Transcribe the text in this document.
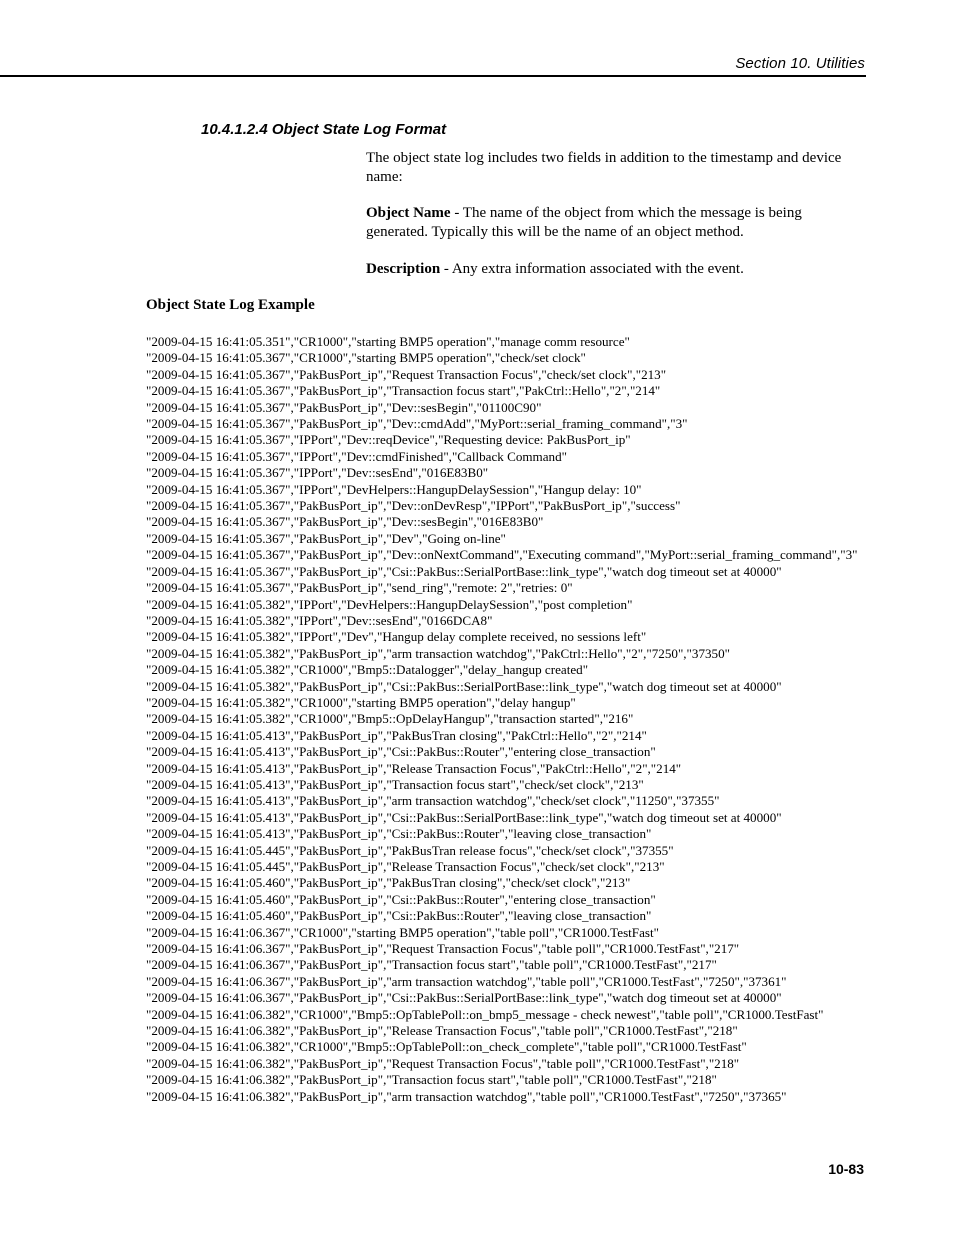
Section 10. Utilities
10.4.1.2.4 Object State Log Format

The object state log includes two fields in addition to the timestamp and device name:

Object Name - The name of the object from which the message is being generated. Typically this will be the name of an object method.

Description - Any extra information associated with the event.

Object State Log Example
"2009-04-15 16:41:05.351","CR1000","starting BMP5 operation","manage comm resource"
"2009-04-15 16:41:05.367","CR1000","starting BMP5 operation","check/set clock"
"2009-04-15 16:41:05.367","PakBusPort_ip","Request Transaction Focus","check/set clock","213"
"2009-04-15 16:41:05.367","PakBusPort_ip","Transaction focus start","PakCtrl::Hello","2","214"
"2009-04-15 16:41:05.367","PakBusPort_ip","Dev::sesBegin","01100C90"
"2009-04-15 16:41:05.367","PakBusPort_ip","Dev::cmdAdd","MyPort::serial_framing_command","3"
"2009-04-15 16:41:05.367","IPPort","Dev::reqDevice","Requesting device: PakBusPort_ip"
"2009-04-15 16:41:05.367","IPPort","Dev::cmdFinished","Callback Command"
"2009-04-15 16:41:05.367","IPPort","Dev::sesEnd","016E83B0"
"2009-04-15 16:41:05.367","IPPort","DevHelpers::HangupDelaySession","Hangup delay: 10"
"2009-04-15 16:41:05.367","PakBusPort_ip","Dev::onDevResp","IPPort","PakBusPort_ip","success"
"2009-04-15 16:41:05.367","PakBusPort_ip","Dev::sesBegin","016E83B0"
"2009-04-15 16:41:05.367","PakBusPort_ip","Dev","Going on-line"
"2009-04-15 16:41:05.367","PakBusPort_ip","Dev::onNextCommand","Executing command","MyPort::serial_framing_command","3"
"2009-04-15 16:41:05.367","PakBusPort_ip","Csi::PakBus::SerialPortBase::link_type","watch dog timeout set at 40000"
"2009-04-15 16:41:05.367","PakBusPort_ip","send_ring","remote: 2","retries: 0"
"2009-04-15 16:41:05.382","IPPort","DevHelpers::HangupDelaySession","post completion"
"2009-04-15 16:41:05.382","IPPort","Dev::sesEnd","0166DCA8"
"2009-04-15 16:41:05.382","IPPort","Dev","Hangup delay complete received, no sessions left"
"2009-04-15 16:41:05.382","PakBusPort_ip","arm transaction watchdog","PakCtrl::Hello","2","7250","37350"
"2009-04-15 16:41:05.382","CR1000","Bmp5::Datalogger","delay_hangup created"
"2009-04-15 16:41:05.382","PakBusPort_ip","Csi::PakBus::SerialPortBase::link_type","watch dog timeout set at 40000"
"2009-04-15 16:41:05.382","CR1000","starting BMP5 operation","delay hangup"
"2009-04-15 16:41:05.382","CR1000","Bmp5::OpDelayHangup","transaction started","216"
"2009-04-15 16:41:05.413","PakBusPort_ip","PakBusTran closing","PakCtrl::Hello","2","214"
"2009-04-15 16:41:05.413","PakBusPort_ip","Csi::PakBus::Router","entering close_transaction"
"2009-04-15 16:41:05.413","PakBusPort_ip","Release Transaction Focus","PakCtrl::Hello","2","214"
"2009-04-15 16:41:05.413","PakBusPort_ip","Transaction focus start","check/set clock","213"
"2009-04-15 16:41:05.413","PakBusPort_ip","arm transaction watchdog","check/set clock","11250","37355"
"2009-04-15 16:41:05.413","PakBusPort_ip","Csi::PakBus::SerialPortBase::link_type","watch dog timeout set at 40000"
"2009-04-15 16:41:05.413","PakBusPort_ip","Csi::PakBus::Router","leaving close_transaction"
"2009-04-15 16:41:05.445","PakBusPort_ip","PakBusTran release focus","check/set clock","37355"
"2009-04-15 16:41:05.445","PakBusPort_ip","Release Transaction Focus","check/set clock","213"
"2009-04-15 16:41:05.460","PakBusPort_ip","PakBusTran closing","check/set clock","213"
"2009-04-15 16:41:05.460","PakBusPort_ip","Csi::PakBus::Router","entering close_transaction"
"2009-04-15 16:41:05.460","PakBusPort_ip","Csi::PakBus::Router","leaving close_transaction"
"2009-04-15 16:41:06.367","CR1000","starting BMP5 operation","table poll","CR1000.TestFast"
"2009-04-15 16:41:06.367","PakBusPort_ip","Request Transaction Focus","table poll","CR1000.TestFast","217"
"2009-04-15 16:41:06.367","PakBusPort_ip","Transaction focus start","table poll","CR1000.TestFast","217"
"2009-04-15 16:41:06.367","PakBusPort_ip","arm transaction watchdog","table poll","CR1000.TestFast","7250","37361"
"2009-04-15 16:41:06.367","PakBusPort_ip","Csi::PakBus::SerialPortBase::link_type","watch dog timeout set at 40000"
"2009-04-15 16:41:06.382","CR1000","Bmp5::OpTablePoll::on_bmp5_message - check newest","table poll","CR1000.TestFast"
"2009-04-15 16:41:06.382","PakBusPort_ip","Release Transaction Focus","table poll","CR1000.TestFast","218"
"2009-04-15 16:41:06.382","CR1000","Bmp5::OpTablePoll::on_check_complete","table poll","CR1000.TestFast"
"2009-04-15 16:41:06.382","PakBusPort_ip","Request Transaction Focus","table poll","CR1000.TestFast","218"
"2009-04-15 16:41:06.382","PakBusPort_ip","Transaction focus start","table poll","CR1000.TestFast","218"
"2009-04-15 16:41:06.382","PakBusPort_ip","arm transaction watchdog","table poll","CR1000.TestFast","7250","37365"
10-83
